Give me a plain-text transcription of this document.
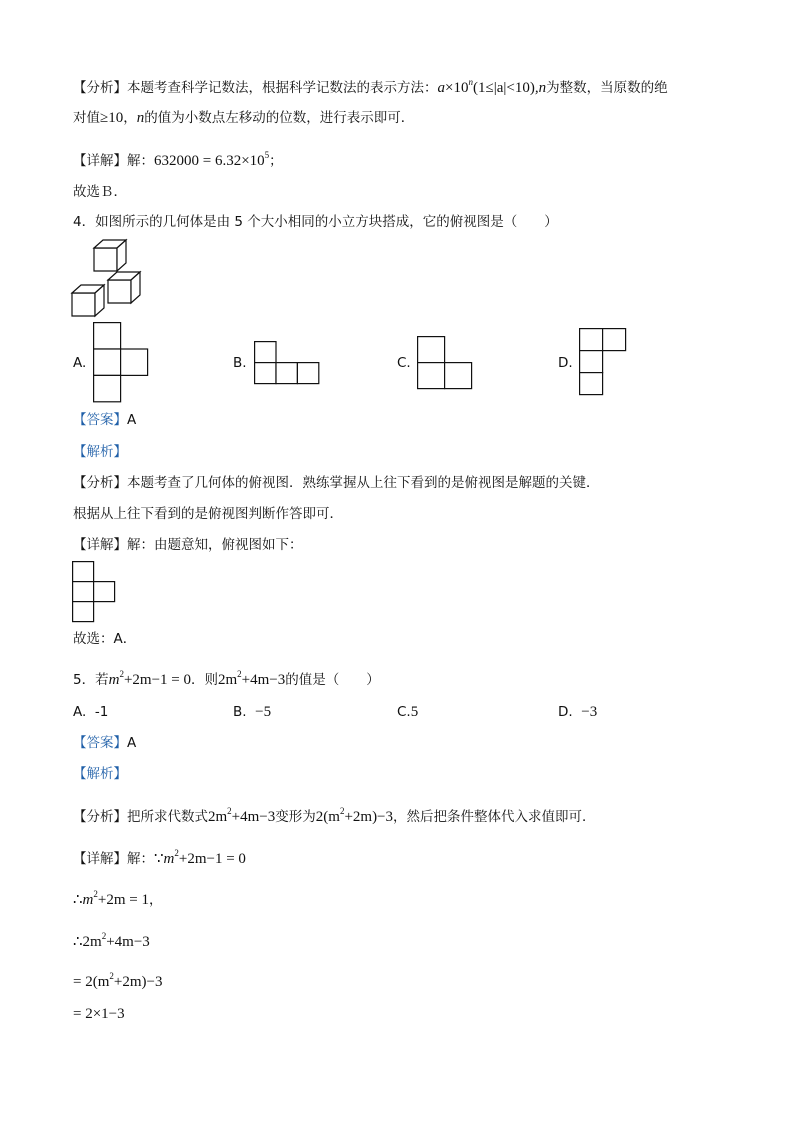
【分析】本题考查科学记数法，根据科学记数法的表示方法：$a\times 10^n(1\le|a|<10),n$为整数，当原数的绝
对值≥10，n的值为小数点左移动的位数，进行表示即可．
【详解】解：$632000 = 6.32\times 10^5$；
故选Ｂ．
4．如图所示的几何体是由 5 个大小相同的小立方块搭成，它的俯视图是（　　）
A.	B.	C.	D.
【答案】A
【解析】
【分析】本题考查了几何体的俯视图．熟练掌握从上往下看到的是俯视图是解题的关键．
根据从上往下看到的是俯视图判断作答即可．
【详解】解：由题意知，俯视图如下：
故选：A．
5．若$m^2+2m-1 = 0$．则$2m^2+4m-3$的值是（　　）
A. -1	B. −5	C.5	D. −3
【答案】A
【解析】
【分析】把所求代数式$2m^2+4m-3$变形为$2(m^2+2m)-3$，然后把条件整体代入求值即可．
【详解】解：$\because m^2+2m-1 = 0$
$\therefore m^2+2m = 1$，
$\therefore 2m^2+4m-3$
= $2(m^2+2m)-3$
= 2×1−3
